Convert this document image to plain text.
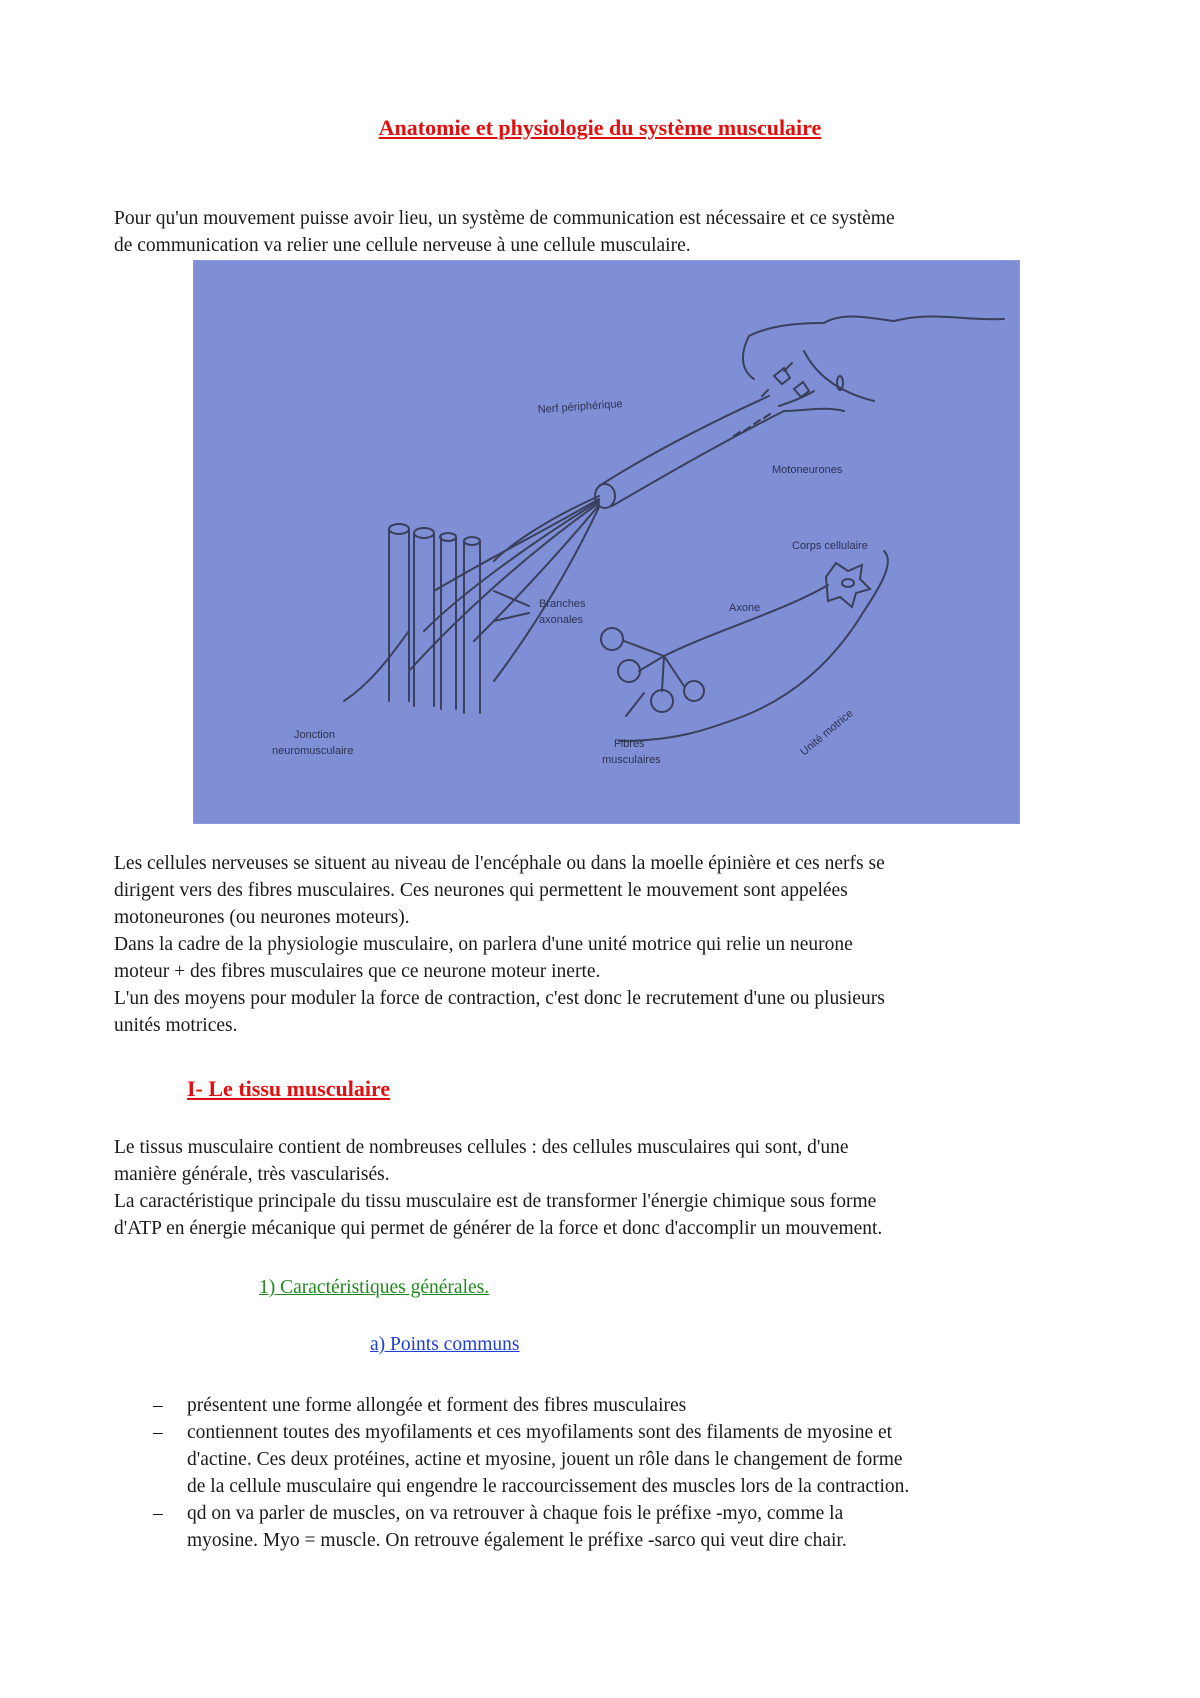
Anatomie et physiologie du système musculaire

Pour qu'un mouvement puisse avoir lieu, un système de communication est nécessaire et ce système
de communication va relier une cellule nerveuse à une cellule musculaire.

Nerf périphérique
Motoneurones
Corps cellulaire
Axone
Branches
axonales
Jonction
neuromusculaire
Fibres
musculaires
Unité motrice

Les cellules nerveuses se situent au niveau de l'encéphale ou dans la moelle épinière et ces nerfs se
dirigent vers des fibres musculaires. Ces neurones qui permettent le mouvement sont appelées
motoneurones (ou neurones moteurs).
Dans la cadre de la physiologie musculaire, on parlera d'une unité motrice qui relie un neurone
moteur + des fibres musculaires que ce neurone moteur inerte.
L'un des moyens pour moduler la force de contraction, c'est donc le recrutement d'une ou plusieurs
unités motrices.

I- Le tissu musculaire

Le tissus musculaire contient de nombreuses cellules : des cellules musculaires qui sont, d'une
manière générale, très vascularisés.
La caractéristique principale du tissu musculaire est de transformer l'énergie chimique sous forme
d'ATP en énergie mécanique qui permet de générer de la force et donc d'accomplir un mouvement.

1) Caractéristiques générales.
a) Points communs
– présentent une forme allongée et forment des fibres musculaires
– contiennent toutes des myofilaments et ces myofilaments sont des filaments de myosine et
d'actine. Ces deux protéines, actine et myosine, jouent un rôle dans le changement de forme
de la cellule musculaire qui engendre le raccourcissement des muscles lors de la contraction.
– qd on va parler de muscles, on va retrouver à chaque fois le préfixe -myo, comme la
myosine. Myo = muscle. On retrouve également le préfixe -sarco qui veut dire chair.
